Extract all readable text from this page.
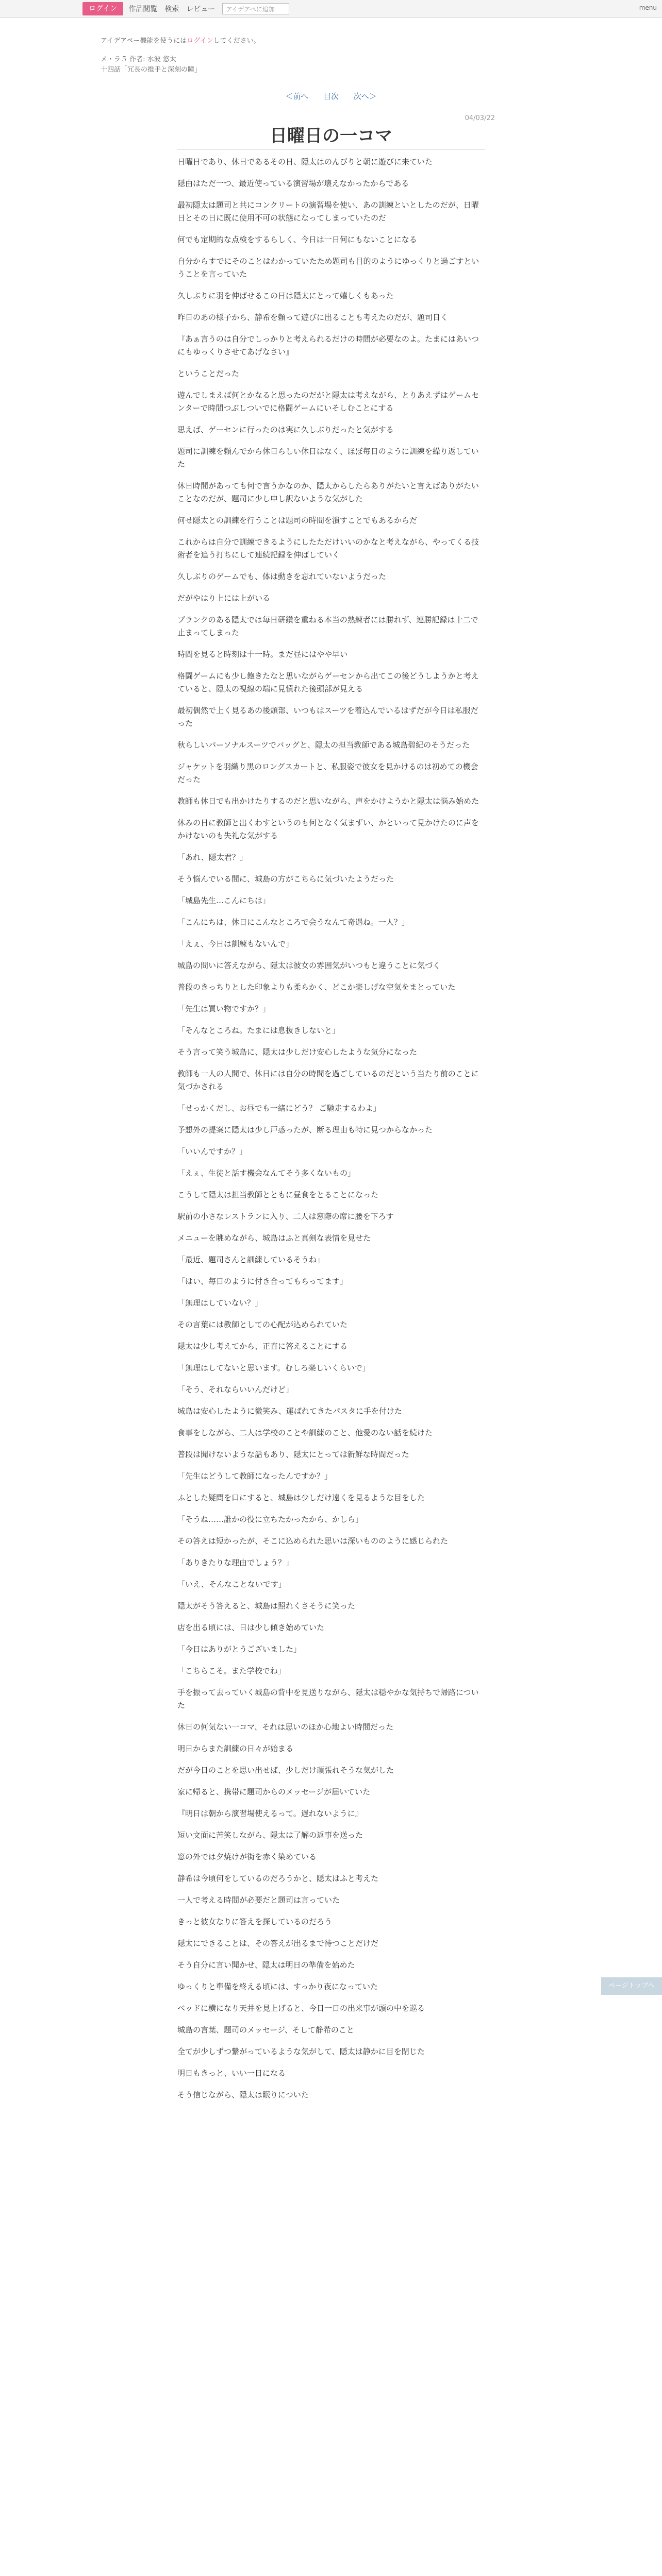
ログイン	作品閲覧 検索 レビュー	アイデアペに追加	menu
アイデアペー機能を使うにはログインしてください。
メ・ラ５ 作者: 水波 悠太
十四話「冗長の推手と深刻の瞳」
＜前へ 目次 次へ＞
04/03/22
日曜日の一コマ

日曜日であり、休日であるその日、隠太はのんびりと朝に遊びに来ていた

隠由はただ一つ、最近使っている演習場が壊えなかったからである

最初隠太は題司と共にコンクリートの演習場を使い、あの訓練といとしたのだが、日曜日とその日に既に使用不可の状態になってしまっていたのだ

何でも定期的な点検をするらしく、今日は一日何にもないことになる

自分からすでにそのことはわかっていたため題司も目的のようにゆっくりと過ごすということを言っていた

久しぶりに羽を伸ばせるこの日は隠太にとって嬉しくもあった

昨日のあの様子から、静希を頼って遊びに出ることも考えたのだが、題司日く

『あぁ言うのは自分でしっかりと考えられるだけの時間が必要なのよ。たまにはあいつにもゆっくりさせてあげなさい』

ということだった

遊んでしまえば何とかなると思ったのだがと隠太は考えながら、とりあえずはゲームセンターで時間つぶしついでに格闘ゲームにいそしむことにする

思えば、ゲーセンに行ったのは実に久しぶりだったと気がする

題司に訓練を頼んでから休日らしい休日はなく、ほぼ毎日のように訓練を繰り返していた

休日時間があっても何で言うかなのか、隠太からしたらありがたいと言えばありがたいことなのだが、題司に少し申し訳ないような気がした

何せ隠太との訓練を行うことは題司の時間を潰すことでもあるからだ

これからは自分で訓練できるようにしたただけいいのかなと考えながら、やってくる技術者を追う打ちにして連続記録を伸ばしていく

久しぶりのゲームでも、体は動きを忘れていないようだった

だがやはり上には上がいる

ブランクのある隠太では毎日研鑽を重ねる本当の熟練者には勝れず、連勝記録は十二で止まってしまった

時間を見ると時刻は十一時。まだ昼にはやや早い

格闘ゲームにも少し飽きたなと思いながらゲーセンから出てこの後どうしようかと考えていると、隠太の視線の端に見慣れた後頭部が見える

最初偶然で上く見るあの後頭部、いつもはスーツを着込んでいるはずだが今日は私服だった

秋らしいパーソナルスーツでバッグと、隠太の担当教師である城島碧紀のそうだった

ジャケットを羽織り黒のロングスカートと、私服姿で彼女を見かけるのは初めての機会だった

教師も休日でも出かけたりするのだと思いながら、声をかけようかと隠太は悩み始めた

休みの日に教師と出くわすというのも何となく気まずい、かといって見かけたのに声をかけないのも失礼な気がする

「あれ、隠太君？」

そう悩んでいる間に、城島の方がこちらに気づいたようだった

「城島先生…こんにちは」

「こんにちは、休日にこんなところで会うなんて奇遇ね。一人？」

「えぇ、今日は訓練もないんで」

城島の問いに答えながら、隠太は彼女の雰囲気がいつもと違うことに気づく

普段のきっちりとした印象よりも柔らかく、どこか楽しげな空気をまとっていた

「先生は買い物ですか？」

「そんなところね。たまには息抜きしないと」

そう言って笑う城島に、隠太は少しだけ安心したような気分になった

教師も一人の人間で、休日には自分の時間を過ごしているのだという当たり前のことに気づかされる

「せっかくだし、お昼でも一緒にどう？ ご馳走するわよ」

予想外の提案に隠太は少し戸惑ったが、断る理由も特に見つからなかった

「いいんですか？」

「えぇ、生徒と話す機会なんてそう多くないもの」

こうして隠太は担当教師とともに昼食をとることになった

駅前の小さなレストランに入り、二人は窓際の席に腰を下ろす

メニューを眺めながら、城島はふと真剣な表情を見せた

「最近、題司さんと訓練しているそうね」

「はい、毎日のように付き合ってもらってます」

「無理はしていない？」

その言葉には教師としての心配が込められていた

隠太は少し考えてから、正直に答えることにする

「無理はしてないと思います。むしろ楽しいくらいで」

「そう、それならいいんだけど」

城島は安心したように微笑み、運ばれてきたパスタに手を付けた

食事をしながら、二人は学校のことや訓練のこと、他愛のない話を続けた

普段は聞けないような話もあり、隠太にとっては新鮮な時間だった

「先生はどうして教師になったんですか？」

ふとした疑問を口にすると、城島は少しだけ遠くを見るような目をした

「そうね……誰かの役に立ちたかったから、かしら」

その答えは短かったが、そこに込められた思いは深いもののように感じられた

「ありきたりな理由でしょう？」

「いえ、そんなことないです」

隠太がそう答えると、城島は照れくさそうに笑った

店を出る頃には、日は少し傾き始めていた

「今日はありがとうございました」

「こちらこそ。また学校でね」

手を振って去っていく城島の背中を見送りながら、隠太は穏やかな気持ちで帰路についた

休日の何気ない一コマ、それは思いのほか心地よい時間だった

明日からまた訓練の日々が始まる

だが今日のことを思い出せば、少しだけ頑張れそうな気がした

家に帰ると、携帯に題司からのメッセージが届いていた

『明日は朝から演習場使えるって。遅れないように』

短い文面に苦笑しながら、隠太は了解の返事を送った

窓の外では夕焼けが街を赤く染めている

静希は今頃何をしているのだろうかと、隠太はふと考えた

一人で考える時間が必要だと題司は言っていた

きっと彼女なりに答えを探しているのだろう

隠太にできることは、その答えが出るまで待つことだけだ

そう自分に言い聞かせ、隠太は明日の準備を始めた

ゆっくりと準備を終える頃には、すっかり夜になっていた

ベッドに横になり天井を見上げると、今日一日の出来事が頭の中を巡る

城島の言葉、題司のメッセージ、そして静希のこと

全てが少しずつ繋がっているような気がして、隠太は静かに目を閉じた

明日もきっと、いい一日になる

そう信じながら、隠太は眠りについた

ページトップへ
